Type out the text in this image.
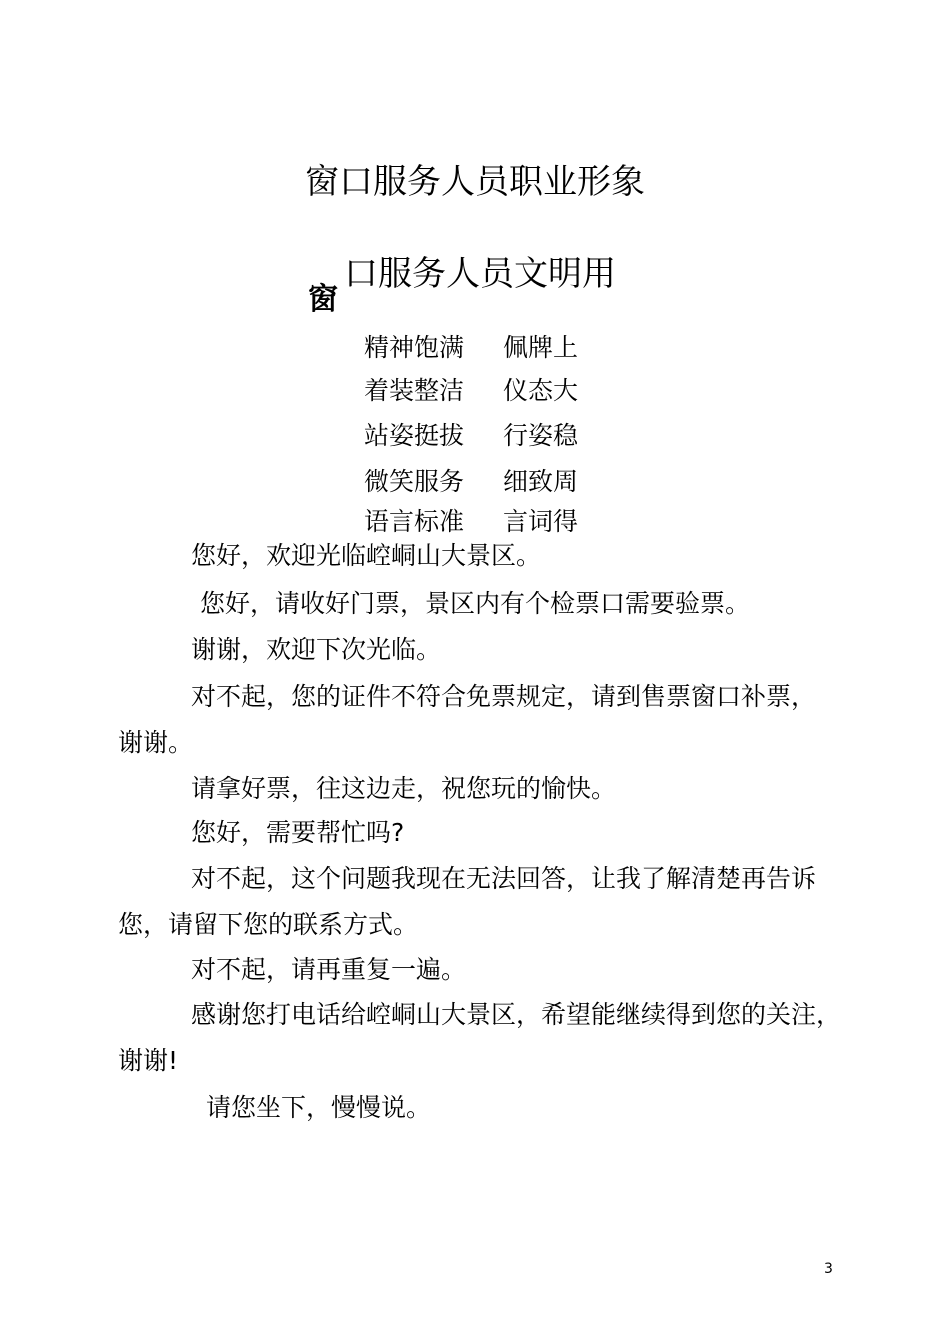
窗口服务人员职业形象
窗
口服务人员文明用
精神饱满 佩牌上
着装整洁 仪态大
站姿挺拔 行姿稳
微笑服务 细致周
语言标准 言词得
您好，欢迎光临崆峒山大景区。
您好，请收好门票，景区内有个检票口需要验票。
谢谢，欢迎下次光临。
对不起，您的证件不符合免票规定，请到售票窗口补票，
谢谢。
请拿好票，往这边走，祝您玩的愉快。
您好，需要帮忙吗?
对不起，这个问题我现在无法回答，让我了解清楚再告诉
您，请留下您的联系方式。
对不起，请再重复一遍。
感谢您打电话给崆峒山大景区，希望能继续得到您的关注，
谢谢!
请您坐下，慢慢说。
3
